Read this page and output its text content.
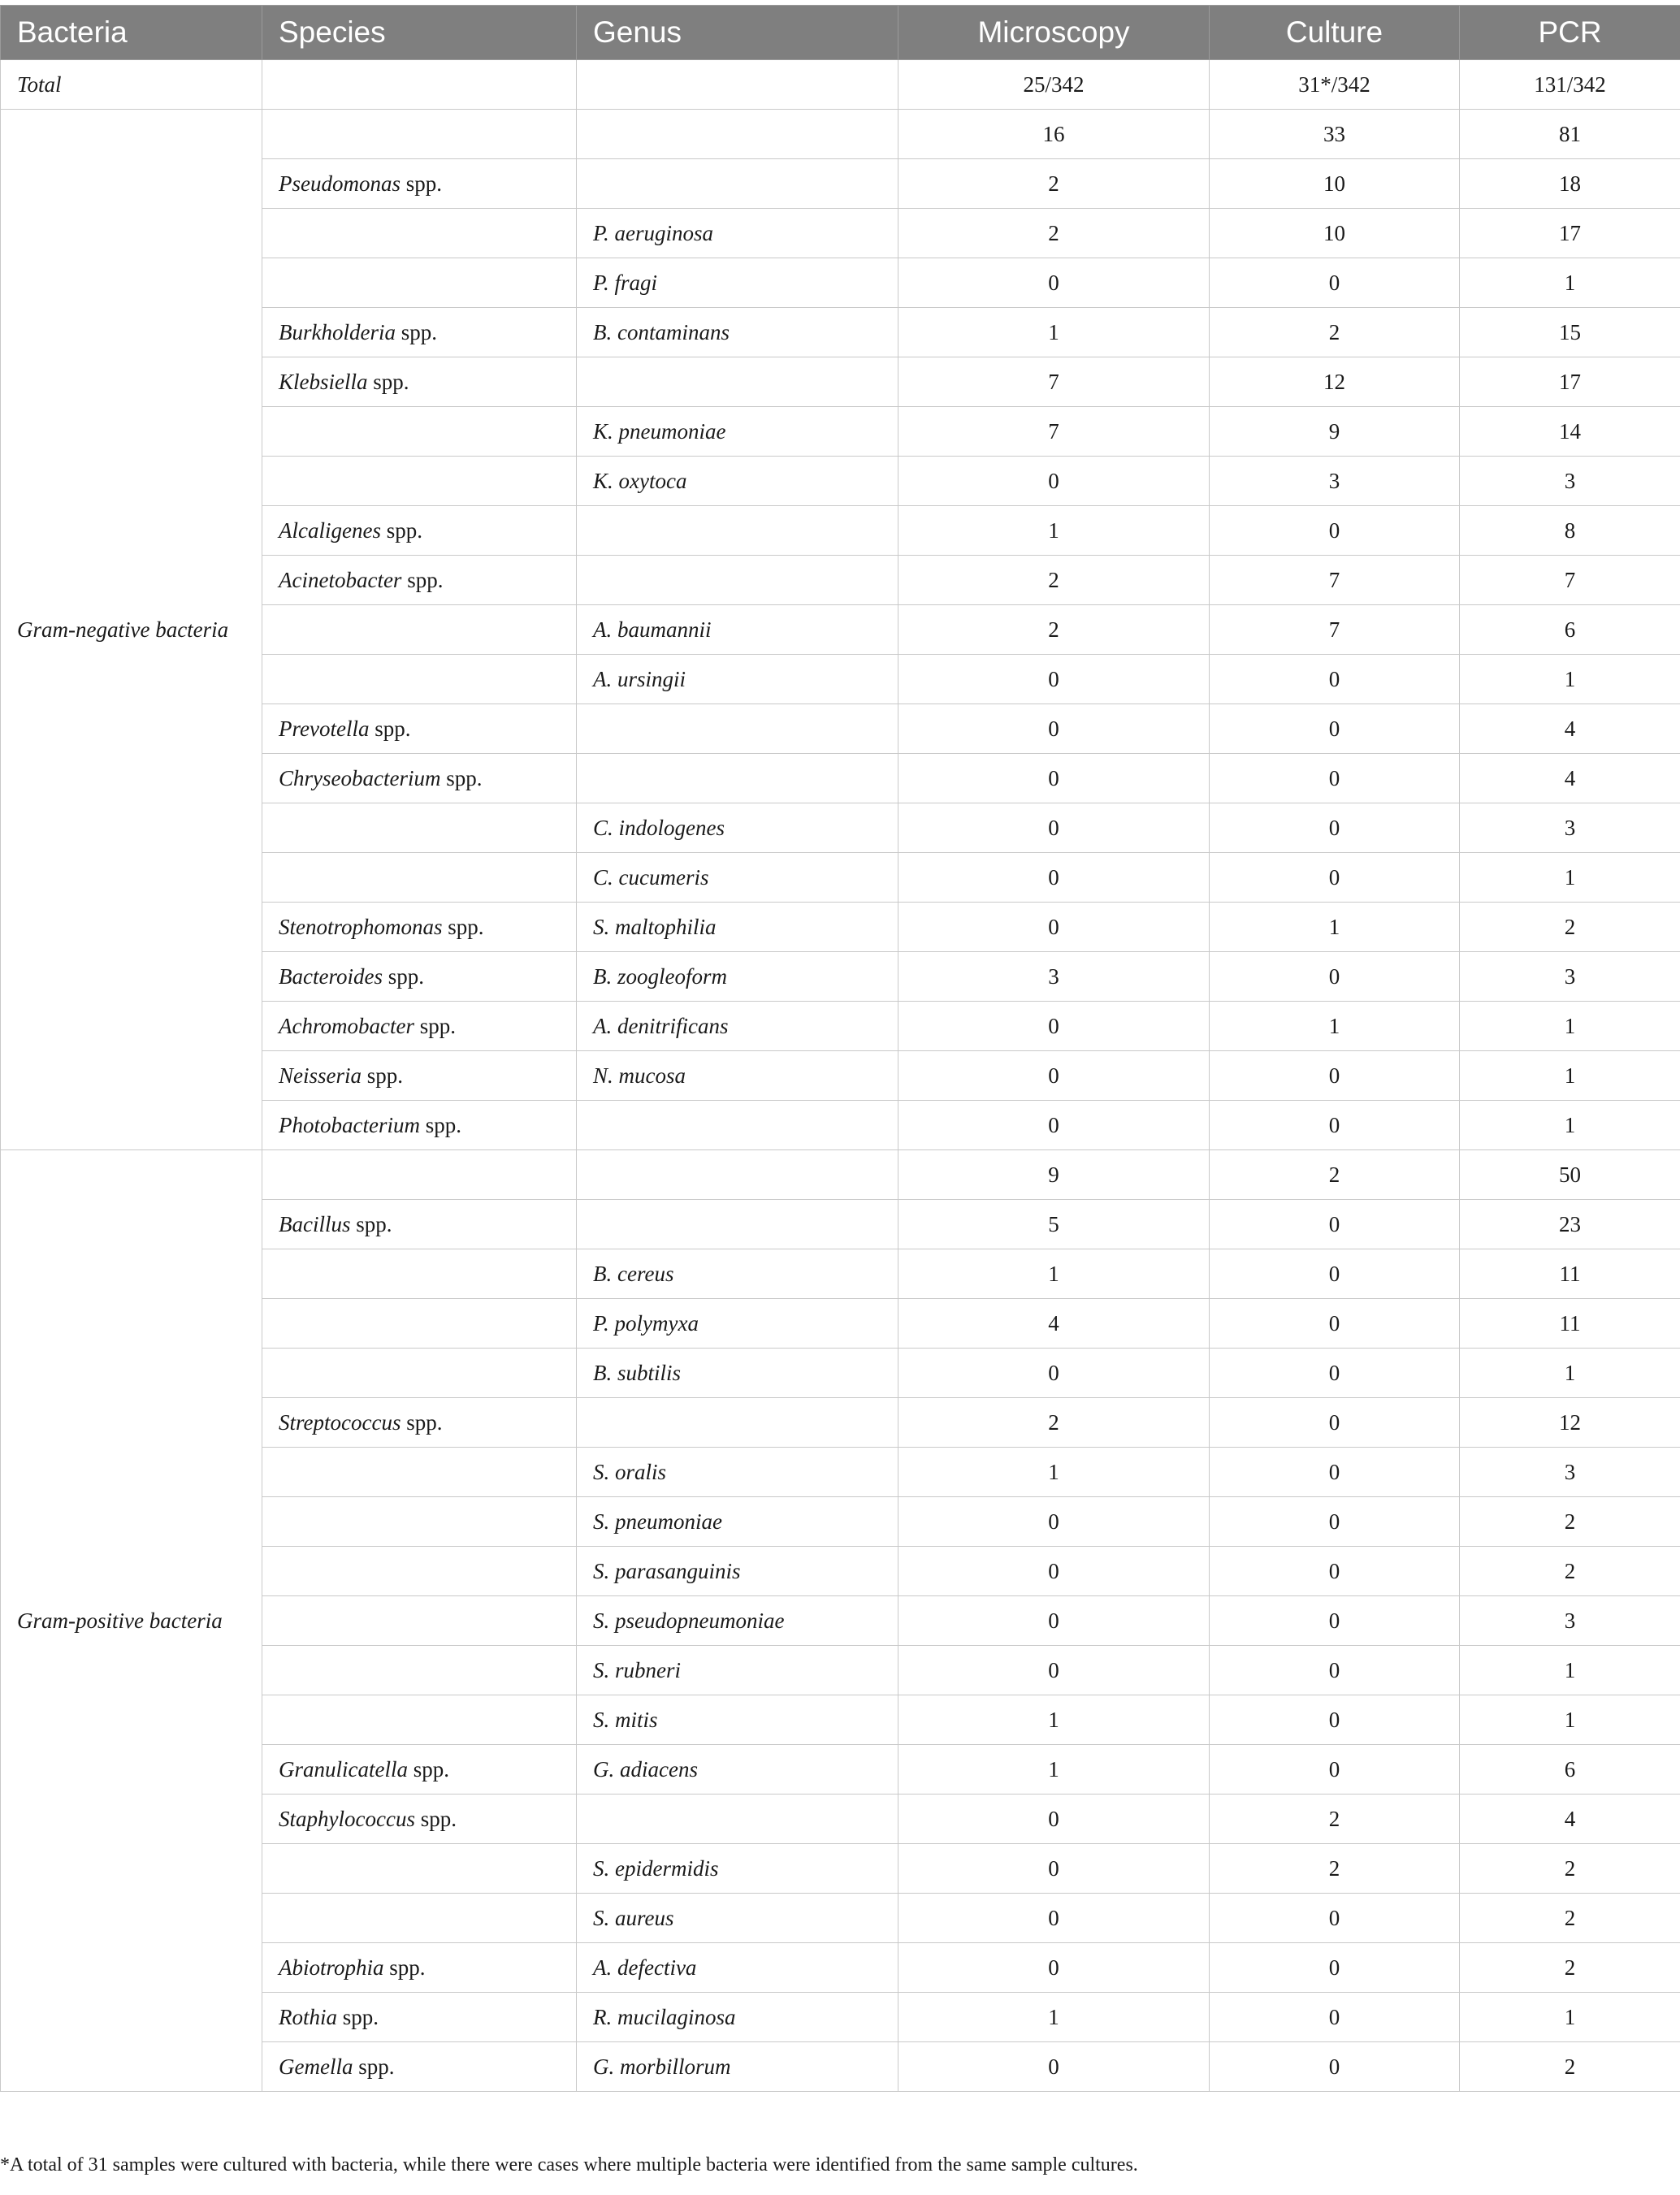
Bacteria	Species	Genus	Microscopy	Culture	PCR
Total			25/342	31*/342	131/342
Gram-negative bacteria			16	33	81
	Pseudomonas spp.		2	10	18
		P. aeruginosa	2	10	17
		P. fragi	0	0	1
	Burkholderia spp.	B. contaminans	1	2	15
	Klebsiella spp.		7	12	17
		K. pneumoniae	7	9	14
		K. oxytoca	0	3	3
	Alcaligenes spp.		1	0	8
	Acinetobacter spp.		2	7	7
		A. baumannii	2	7	6
		A. ursingii	0	0	1
	Prevotella spp.		0	0	4
	Chryseobacterium spp.		0	0	4
		C. indologenes	0	0	3
		C. cucumeris	0	0	1
	Stenotrophomonas spp.	S. maltophilia	0	1	2
	Bacteroides spp.	B. zoogleoform	3	0	3
	Achromobacter spp.	A. denitrificans	0	1	1
	Neisseria spp.	N. mucosa	0	0	1
	Photobacterium spp.		0	0	1
Gram-positive bacteria			9	2	50
	Bacillus spp.		5	0	23
		B. cereus	1	0	11
		P. polymyxa	4	0	11
		B. subtilis	0	0	1
	Streptococcus spp.		2	0	12
		S. oralis	1	0	3
		S. pneumoniae	0	0	2
		S. parasanguinis	0	0	2
		S. pseudopneumoniae	0	0	3
		S. rubneri	0	0	1
		S. mitis	1	0	1
	Granulicatella spp.	G. adiacens	1	0	6
	Staphylococcus spp.		0	2	4
		S. epidermidis	0	2	2
		S. aureus	0	0	2
	Abiotrophia spp.	A. defectiva	0	0	2
	Rothia spp.	R. mucilaginosa	1	0	1
	Gemella spp.	G. morbillorum	0	0	2
*A total of 31 samples were cultured with bacteria, while there were cases where multiple bacteria were identified from the same sample cultures.
